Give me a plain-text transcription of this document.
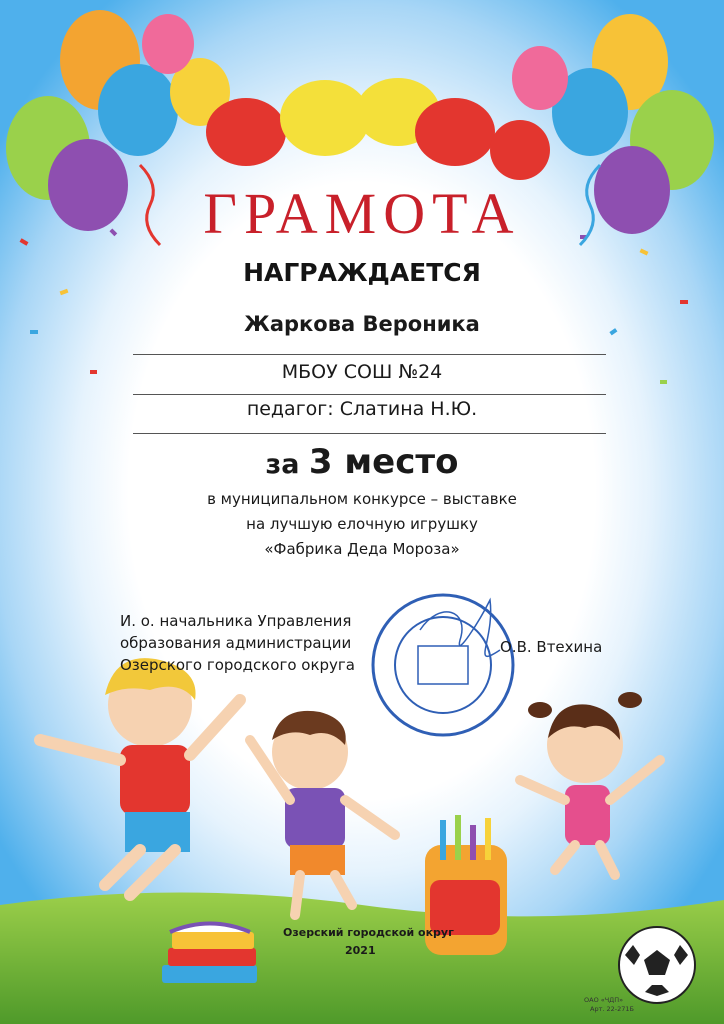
ГРАМОТА

НАГРАЖДАЕТСЯ

Жаркова Вероника

МБОУ СОШ №24

педагог: Слатина Н.Ю.

за 3 место

в муниципальном конкурсе – выставке

на лучшую елочную игрушку

«Фабрика Деда Мороза»

И. о. начальника Управления

образования администрации

Озерского городского округа

О.В. Втехина

Озерский городской округ

2021

ОАО «ЧДП»

Арт. 22-271Б
